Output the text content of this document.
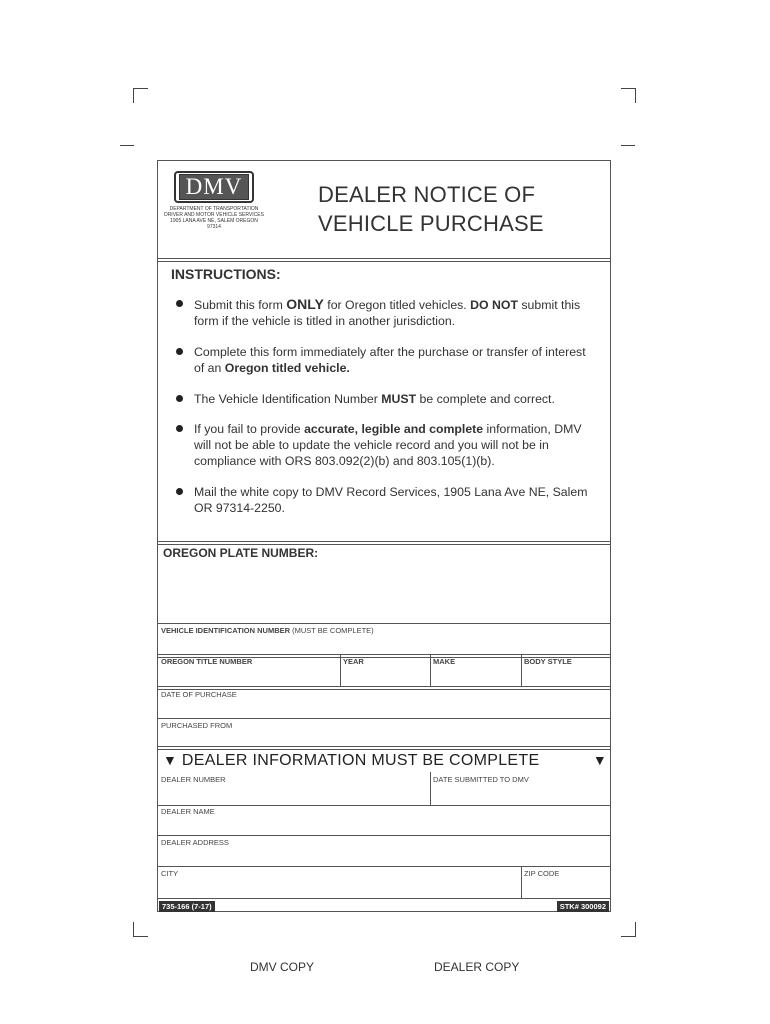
DMV
DEPARTMENT OF TRANSPORTATION
DRIVER AND MOTOR VEHICLE SERVICES
1905 LANA AVE NE, SALEM OREGON 97314
DEALER NOTICE OF
VEHICLE PURCHASE
INSTRUCTIONS:
Submit this form ONLY for Oregon titled vehicles. DO NOT submit this form if the vehicle is titled in another jurisdiction.
Complete this form immediately after the purchase or transfer of interest of an Oregon titled vehicle.
The Vehicle Identification Number MUST be complete and correct.
If you fail to provide accurate, legible and complete information, DMV will not be able to update the vehicle record and you will not be in compliance with ORS 803.092(2)(b) and 803.105(1)(b).
Mail the white copy to DMV Record Services, 1905 Lana Ave NE, Salem OR 97314-2250.
OREGON PLATE NUMBER:
VEHICLE IDENTIFICATION NUMBER (MUST BE COMPLETE)
OREGON TITLE NUMBER	YEAR	MAKE	BODY STYLE
DATE OF PURCHASE
PURCHASED FROM
▼ DEALER INFORMATION MUST BE COMPLETE	▼
DEALER NUMBER	DATE SUBMITTED TO DMV
DEALER NAME
DEALER ADDRESS
CITY	ZIP CODE
735-166 (7-17)	STK# 300092
DMV COPY	DEALER COPY
